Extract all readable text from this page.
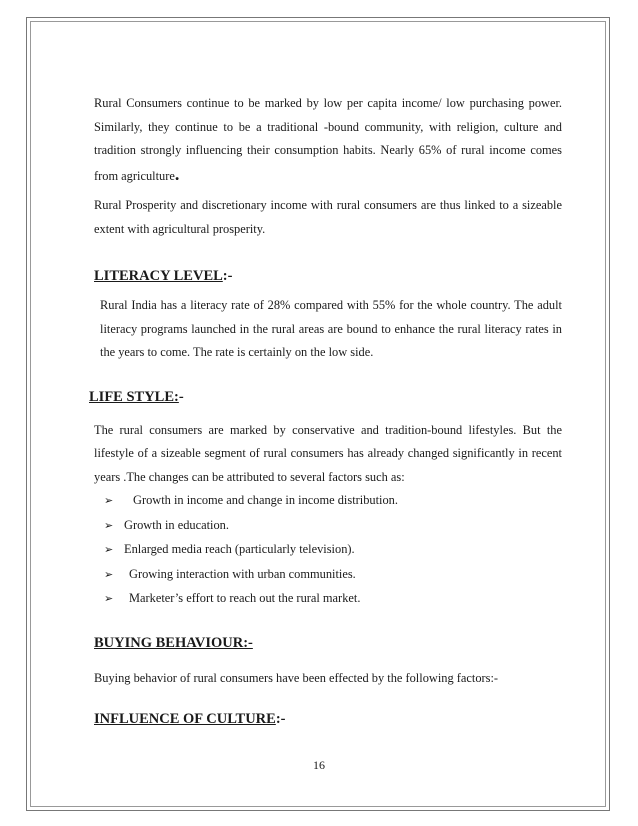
Rural Consumers continue to be marked by low per capita income/ low purchasing power. Similarly, they continue to be a traditional -bound community, with religion, culture and tradition strongly influencing their consumption habits. Nearly 65% of rural income comes from agriculture.

Rural Prosperity and discretionary income with rural consumers are thus linked to a sizeable extent with agricultural prosperity.

LITERACY LEVEL:-

Rural India has a literacy rate of 28% compared with 55% for the whole country. The adult literacy programs launched in the rural areas are bound to enhance the rural literacy rates in the years to come. The rate is certainly on the low side.

LIFE STYLE:-

The rural consumers are marked by conservative and tradition-bound lifestyles. But the lifestyle of a sizeable segment of rural consumers has already changed significantly in recent years .The changes can be attributed to several factors such as:

➢	Growth in income and change in income distribution.
➢ Growth in education.
➢ Enlarged media reach (particularly television).
➢	Growing interaction with urban communities.
➢	Marketer’s effort to reach out the rural market.
BUYING BEHAVIOUR:-

Buying behavior of rural consumers have been effected by the following factors:-

INFLUENCE OF CULTURE:-
16
